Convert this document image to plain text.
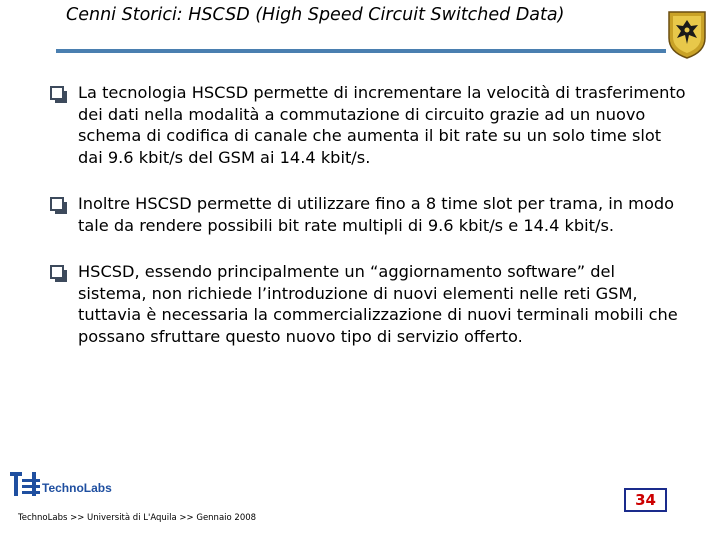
Cenni Storici: HSCSD (High Speed Circuit Switched Data)
La tecnologia HSCSD permette di incrementare la velocità di trasferimento dei dati nella modalità a commutazione di circuito grazie ad un nuovo schema di codifica di canale che aumenta il bit rate su un solo time slot dai 9.6 kbit/s del GSM ai 14.4 kbit/s.
Inoltre HSCSD permette di utilizzare fino a 8 time slot per trama, in modo tale da rendere possibili bit rate multipli di 9.6 kbit/s e 14.4 kbit/s.
HSCSD, essendo principalmente un “aggiornamento software” del sistema, non richiede l’introduzione di nuovi elementi nelle reti GSM, tuttavia è necessaria la commercializzazione di nuovi terminali mobili che possano sfruttare questo nuovo tipo di servizio offerto.
TechnoLabs
TechnoLabs >> Università di L'Aquila >> Gennaio 2008
34
